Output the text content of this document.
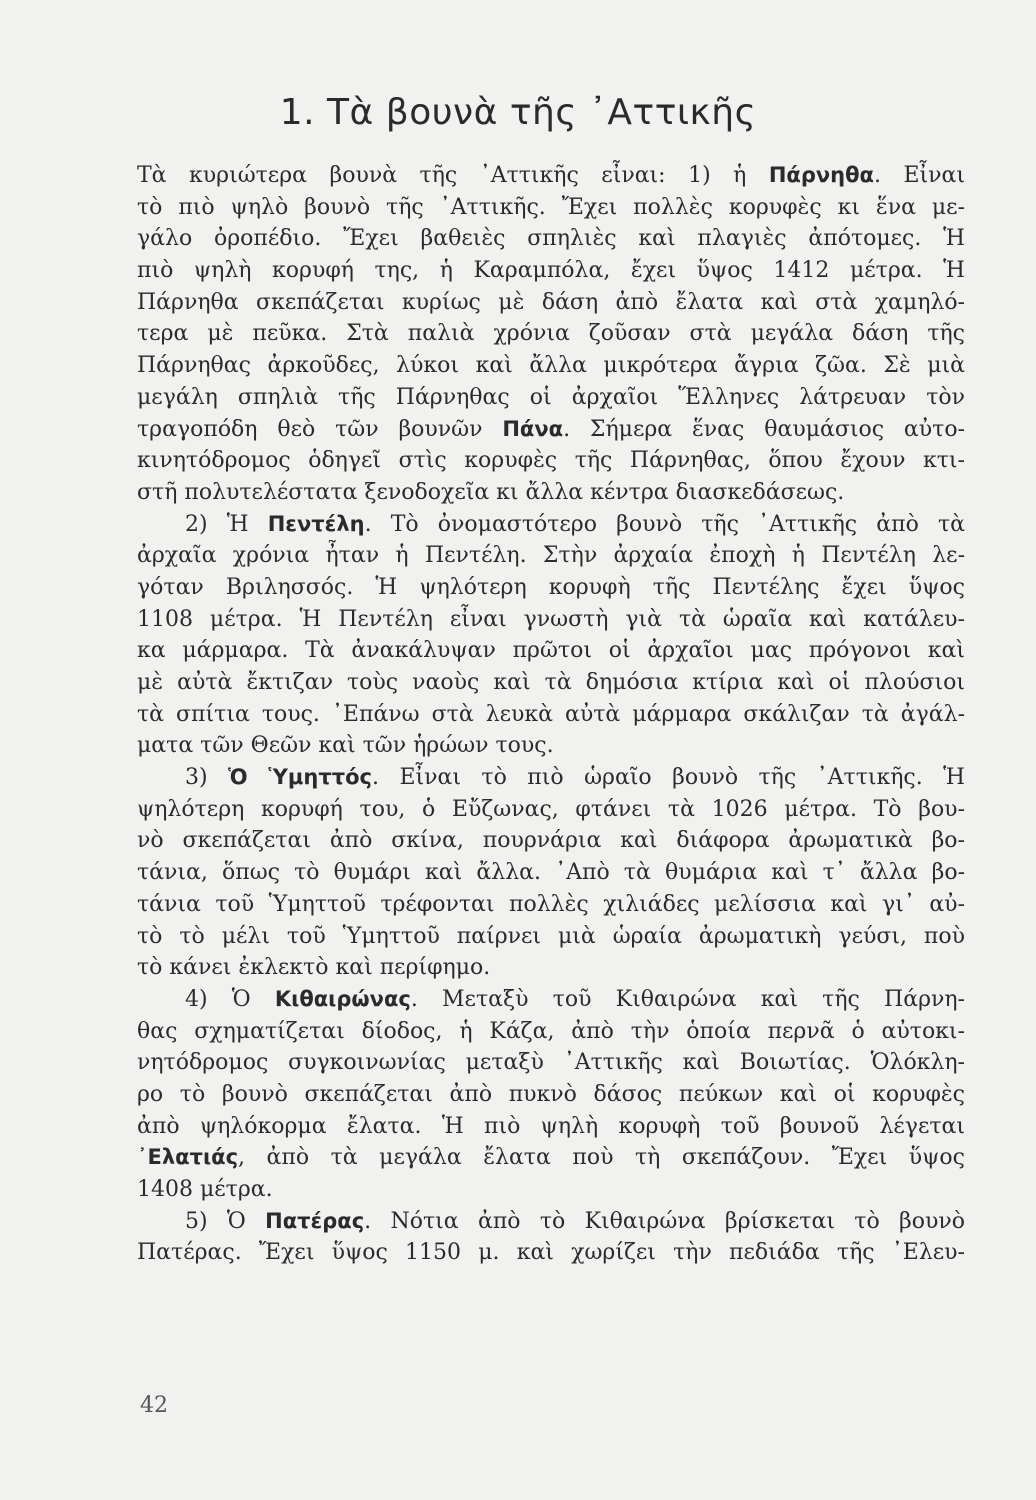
1. Τὰ βουνὰ τῆς ᾿Αττικῆς
Τὰ κυριώτερα βουνὰ τῆς ᾿Αττικῆς εἶναι: 1) ἡ Πάρνηθα. Εἶναι
τὸ πιὸ ψηλὸ βουνὸ τῆς ᾿Αττικῆς. Ἔχει πολλὲς κορυφὲς κι ἕνα με-
γάλο ὀροπέδιο. Ἔχει βαθειὲς σπηλιὲς καὶ πλαγιὲς ἀπότομες. Ἡ
πιὸ ψηλὴ κορυφή της, ἡ Καραμπόλα, ἔχει ὕψος 1412 μέτρα. Ἡ
Πάρνηθα σκεπάζεται κυρίως μὲ δάση ἀπὸ ἔλατα καὶ στὰ χαμηλό-
τερα μὲ πεῦκα. Στὰ παλιὰ χρόνια ζοῦσαν στὰ μεγάλα δάση τῆς
Πάρνηθας ἀρκοῦδες, λύκοι καὶ ἄλλα μικρότερα ἄγρια ζῶα. Σὲ μιὰ
μεγάλη σπηλιὰ τῆς Πάρνηθας οἱ ἀρχαῖοι Ἕλληνες λάτρευαν τὸν
τραγοπόδη θεὸ τῶν βουνῶν Πάνα. Σήμερα ἕνας θαυμάσιος αὐτο-
κινητόδρομος ὁδηγεῖ στὶς κορυφὲς τῆς Πάρνηθας, ὅπου ἔχουν κτι-
στῆ πολυτελέστατα ξενοδοχεῖα κι ἄλλα κέντρα διασκεδάσεως.
2) Ἡ Πεντέλη. Τὸ ὀνομαστότερο βουνὸ τῆς ᾿Αττικῆς ἀπὸ τὰ
ἀρχαῖα χρόνια ἦταν ἡ Πεντέλη. Στὴν ἀρχαία ἐποχὴ ἡ Πεντέλη λε-
γόταν Βριλησσός. Ἡ ψηλότερη κορυφὴ τῆς Πεντέλης ἔχει ὕψος
1108 μέτρα. Ἡ Πεντέλη εἶναι γνωστὴ γιὰ τὰ ὡραῖα καὶ κατάλευ-
κα μάρμαρα. Τὰ ἀνακάλυψαν πρῶτοι οἱ ἀρχαῖοι μας πρόγονοι καὶ
μὲ αὐτὰ ἔκτιζαν τοὺς ναοὺς καὶ τὰ δημόσια κτίρια καὶ οἱ πλούσιοι
τὰ σπίτια τους. ᾿Επάνω στὰ λευκὰ αὐτὰ μάρμαρα σκάλιζαν τὰ ἀγάλ-
ματα τῶν Θεῶν καὶ τῶν ἡρώων τους.
3) Ὁ Ὑμηττός. Εἶναι τὸ πιὸ ὡραῖο βουνὸ τῆς ᾿Αττικῆς. Ἡ
ψηλότερη κορυφή του, ὁ Εὔζωνας, φτάνει τὰ 1026 μέτρα. Τὸ βου-
νὸ σκεπάζεται ἀπὸ σκίνα, πουρνάρια καὶ διάφορα ἀρωματικὰ βο-
τάνια, ὅπως τὸ θυμάρι καὶ ἄλλα. ᾿Απὸ τὰ θυμάρια καὶ τ᾿ ἄλλα βο-
τάνια τοῦ Ὑμηττοῦ τρέφονται πολλὲς χιλιάδες μελίσσια καὶ γι᾿ αὐ-
τὸ τὸ μέλι τοῦ Ὑμηττοῦ παίρνει μιὰ ὡραία ἀρωματικὴ γεύσι, ποὺ
τὸ κάνει ἐκλεκτὸ καὶ περίφημο.
4) Ὁ Κιθαιρώνας. Μεταξὺ τοῦ Κιθαιρώνα καὶ τῆς Πάρνη-
θας σχηματίζεται δίοδος, ἡ Κάζα, ἀπὸ τὴν ὁποία περνᾶ ὁ αὐτοκι-
νητόδρομος συγκοινωνίας μεταξὺ ᾿Αττικῆς καὶ Βοιωτίας. Ὁλόκλη-
ρο τὸ βουνὸ σκεπάζεται ἀπὸ πυκνὸ δάσος πεύκων καὶ οἱ κορυφὲς
ἀπὸ ψηλόκορμα ἔλατα. Ἡ πιὸ ψηλὴ κορυφὴ τοῦ βουνοῦ λέγεται
᾿Ελατιάς, ἀπὸ τὰ μεγάλα ἔλατα ποὺ τὴ σκεπάζουν. Ἔχει ὕψος
1408 μέτρα.
5) Ὁ Πατέρας. Νότια ἀπὸ τὸ Κιθαιρώνα βρίσκεται τὸ βουνὸ
Πατέρας. Ἔχει ὕψος 1150 μ. καὶ χωρίζει τὴν πεδιάδα τῆς ᾿Ελευ-
42
